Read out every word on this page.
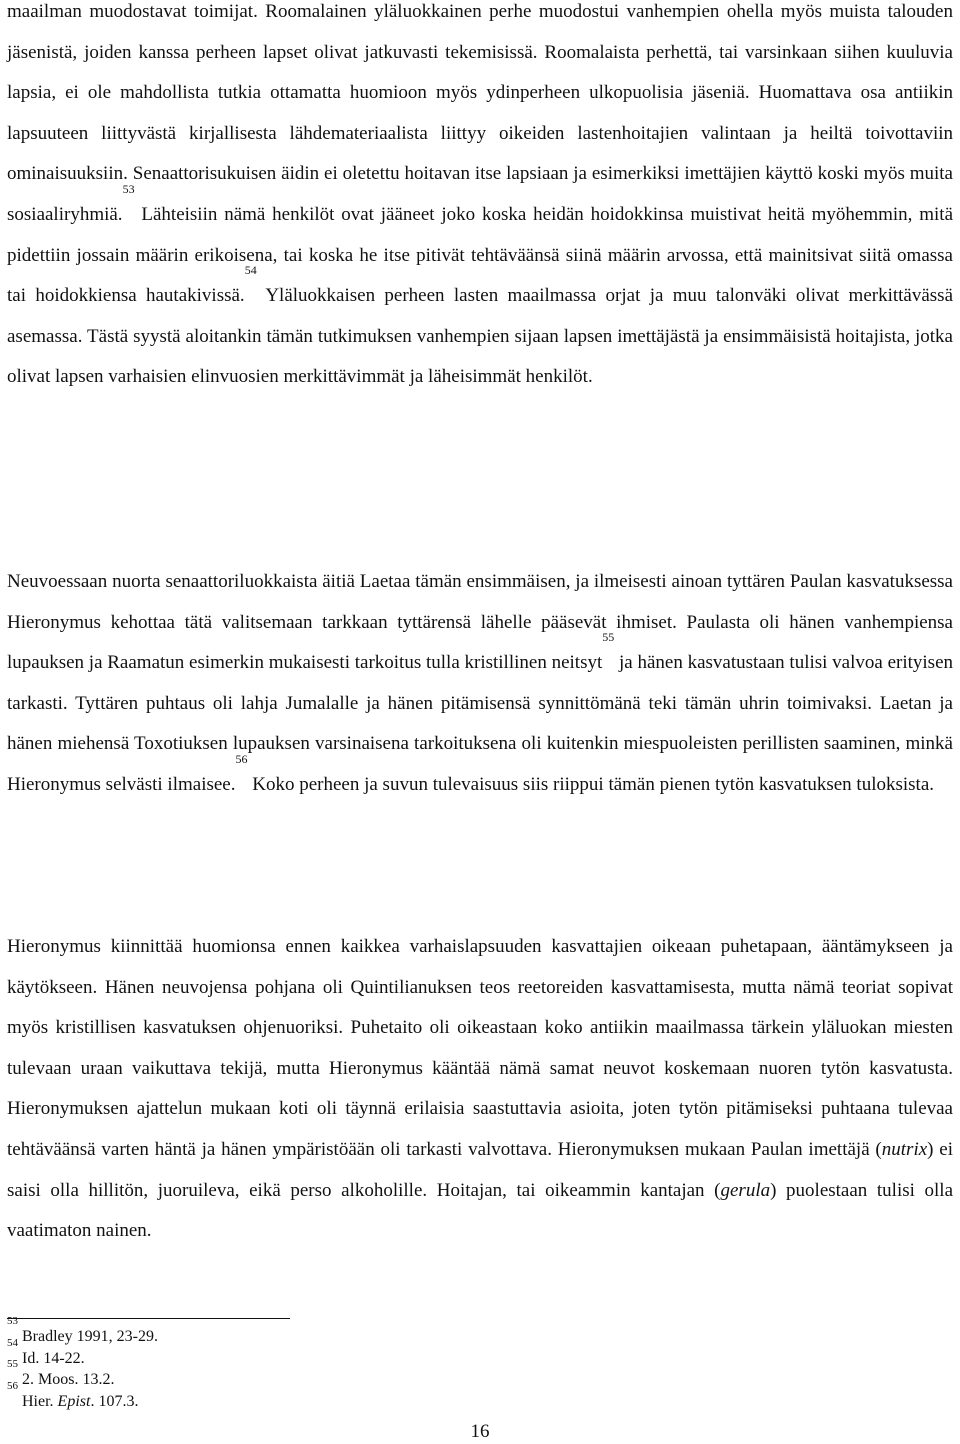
maailman muodostavat toimijat. Roomalainen yläluokkainen perhe muodostui vanhempien ohella myös muista talouden jäsenistä, joiden kanssa perheen lapset olivat jatkuvasti tekemisissä. Roomalaista perhettä, tai varsinkaan siihen kuuluvia lapsia, ei ole mahdollista tutkia ottamatta huomioon myös ydinperheen ulkopuolisia jäseniä. Huomattava osa antiikin lapsuuteen liittyvästä kirjallisesta lähdemateriaalista liittyy oikeiden lastenhoitajien valintaan ja heiltä toivottaviin ominaisuuksiin. Senaattorisukuisen äidin ei oletettu hoitavan itse lapsiaan ja esimerkiksi imettäjien käyttö koski myös muita sosiaaliryhmiä.$^{53}$ Lähteisiin nämä henkilöt ovat jääneet joko koska heidän hoidokkinsa muistivat heitä myöhemmin, mitä pidettiin jossain määrin erikoisena, tai koska he itse pitivät tehtäväänsä siinä määrin arvossa, että mainitsivat siitä omassa tai hoidokkiensa hautakivissä.$^{54}$ Yläluokkaisen perheen lasten maailmassa orjat ja muu talonväki olivat merkittävässä asemassa. Tästä syystä aloitankin tämän tutkimuksen vanhempien sijaan lapsen imettäjästä ja ensimmäisistä hoitajista, jotka olivat lapsen varhaisien elinvuosien merkittävimmät ja läheisimmät henkilöt.

Neuvoessaan nuorta senaattoriluokkaista äitiä Laetaa tämän ensimmäisen, ja ilmeisesti ainoan tyttären Paulan kasvatuksessa Hieronymus kehottaa tätä valitsemaan tarkkaan tyttärensä lähelle pääsevät ihmiset. Paulasta oli hänen vanhempiensa lupauksen ja Raamatun esimerkin mukaisesti tarkoitus tulla kristillinen neitsyt$^{55}$ ja hänen kasvatustaan tulisi valvoa erityisen tarkasti. Tyttären puhtaus oli lahja Jumalalle ja hänen pitämisensä synnittömänä teki tämän uhrin toimivaksi. Laetan ja hänen miehensä Toxotiuksen lupauksen varsinaisena tarkoituksena oli kuitenkin miespuoleisten perillisten saaminen, minkä Hieronymus selvästi ilmaisee.$^{56}$ Koko perheen ja suvun tulevaisuus siis riippui tämän pienen tytön kasvatuksen tuloksista.

Hieronymus kiinnittää huomionsa ennen kaikkea varhaislapsuuden kasvattajien oikeaan puhetapaan, ääntämykseen ja käytökseen. Hänen neuvojensa pohjana oli Quintilianuksen teos reetoreiden kasvattamisesta, mutta nämä teoriat sopivat myös kristillisen kasvatuksen ohjenuoriksi. Puhetaito oli oikeastaan koko antiikin maailmassa tärkein yläluokan miesten tulevaan uraan vaikuttava tekijä, mutta Hieronymus kääntää nämä samat neuvot koskemaan nuoren tytön kasvatusta. Hieronymuksen ajattelun mukaan koti oli täynnä erilaisia saastuttavia asioita, joten tytön pitämiseksi puhtaana tulevaa tehtäväänsä varten häntä ja hänen ympäristöään oli tarkasti valvottava. Hieronymuksen mukaan Paulan imettäjä (nutrix) ei saisi olla hillitön, juoruileva, eikä perso alkoholille. Hoitajan, tai oikeammin kantajan (gerula) puolestaan tulisi olla vaatimaton nainen.

$^{53}$ Bradley 1991, 23-29.

$^{54}$ Id. 14-22.

$^{55}$ 2. Moos. 13.2.

$^{56}$ Hier. Epist. 107.3.

16
